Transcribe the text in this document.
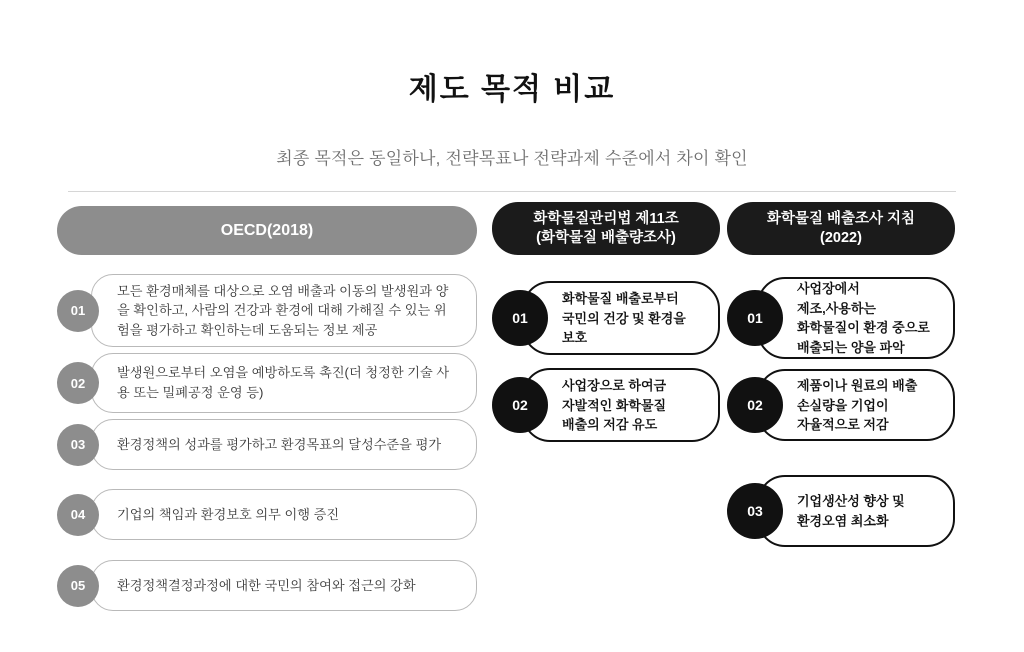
제도 목적 비교
최종 목적은 동일하나, 전략목표나 전략과제 수준에서 차이 확인
OECD(2018)
화학물질관리법 제11조
(화학물질 배출량조사)
화학물질 배출조사 지침
(2022)
01
모든 환경매체를 대상으로 오염 배출과 이동의 발생원과 양을 확인하고, 사람의 건강과 환경에 대해 가해질 수 있는 위험을 평가하고 확인하는데 도움되는 정보 제공
02
발생원으로부터 오염을 예방하도록 촉진(더 청정한 기술 사용 또는 밀폐공정 운영 등)
03	환경정책의 성과를 평가하고 환경목표의 달성수준을 평가
04	기업의 책임과 환경보호 의무 이행 증진
05	환경정책결정과정에 대한 국민의 참여와 접근의 강화
01
화학물질 배출로부터
국민의 건강 및 환경을
보호
02
사업장으로 하여금
자발적인 화학물질
배출의 저감 유도
01
사업장에서
제조,사용하는
화학물질이 환경 중으로
배출되는 양을 파악
02
제품이나 원료의 배출
손실량을 기업이
자율적으로 저감
03
기업생산성 향상 및
환경오염 최소화
